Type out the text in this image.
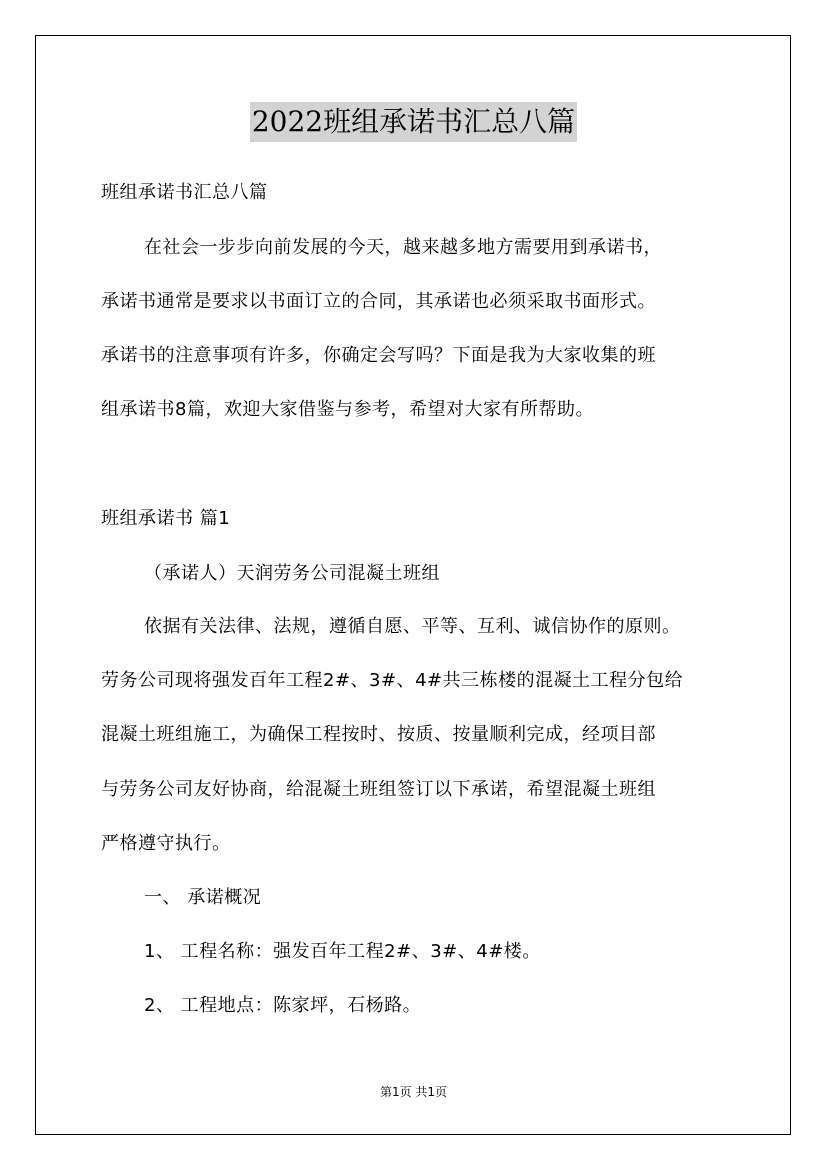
2022班组承诺书汇总八篇
班组承诺书汇总八篇
在社会一步步向前发展的今天，越来越多地方需要用到承诺书，
承诺书通常是要求以书面订立的合同，其承诺也必须采取书面形式。
承诺书的注意事项有许多，你确定会写吗？下面是我为大家收集的班
组承诺书8篇，欢迎大家借鉴与参考，希望对大家有所帮助。
班组承诺书 篇1
（承诺人）天润劳务公司混凝土班组
依据有关法律、法规，遵循自愿、平等、互利、诚信协作的原则。
劳务公司现将强发百年工程2#、3#、4#共三栋楼的混凝土工程分包给
混凝土班组施工，为确保工程按时、按质、按量顺利完成，经项目部
与劳务公司友好协商，给混凝土班组签订以下承诺，希望混凝土班组
严格遵守执行。
一、 承诺概况
1、 工程名称：强发百年工程2#、3#、4#楼。
2、 工程地点：陈家坪，石杨路。
第1页 共1页
